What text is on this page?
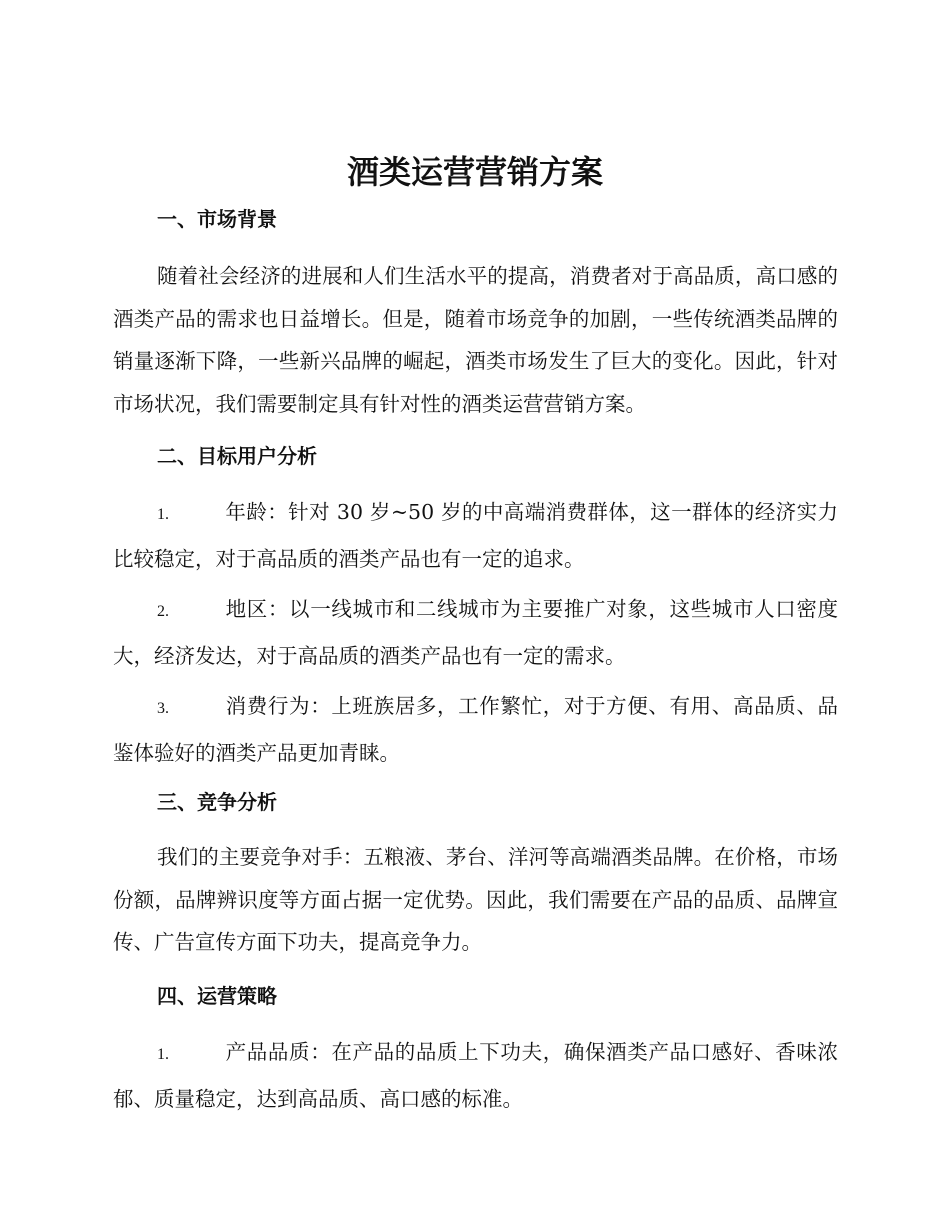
酒类运营营销方案
一、市场背景

随着社会经济的进展和人们生活水平的提高，消费者对于高品质，高口感的酒类产品的需求也日益增长。但是，随着市场竞争的加剧，一些传统酒类品牌的销量逐渐下降，一些新兴品牌的崛起，酒类市场发生了巨大的变化。因此，针对市场状况，我们需要制定具有针对性的酒类运营营销方案。

二、目标用户分析

1.	年龄：针对 30 岁~50 岁的中高端消费群体，这一群体的经济实力比较稳定，对于高品质的酒类产品也有一定的追求。

2.	地区：以一线城市和二线城市为主要推广对象，这些城市人口密度大，经济发达，对于高品质的酒类产品也有一定的需求。

3.	消费行为：上班族居多，工作繁忙，对于方便、有用、高品质、品鉴体验好的酒类产品更加青睐。

三、竞争分析

我们的主要竞争对手：五粮液、茅台、洋河等高端酒类品牌。在价格，市场份额，品牌辨识度等方面占据一定优势。因此，我们需要在产品的品质、品牌宣传、广告宣传方面下功夫，提高竞争力。

四、运营策略

1.	产品品质：在产品的品质上下功夫，确保酒类产品口感好、香味浓郁、质量稳定，达到高品质、高口感的标准。
